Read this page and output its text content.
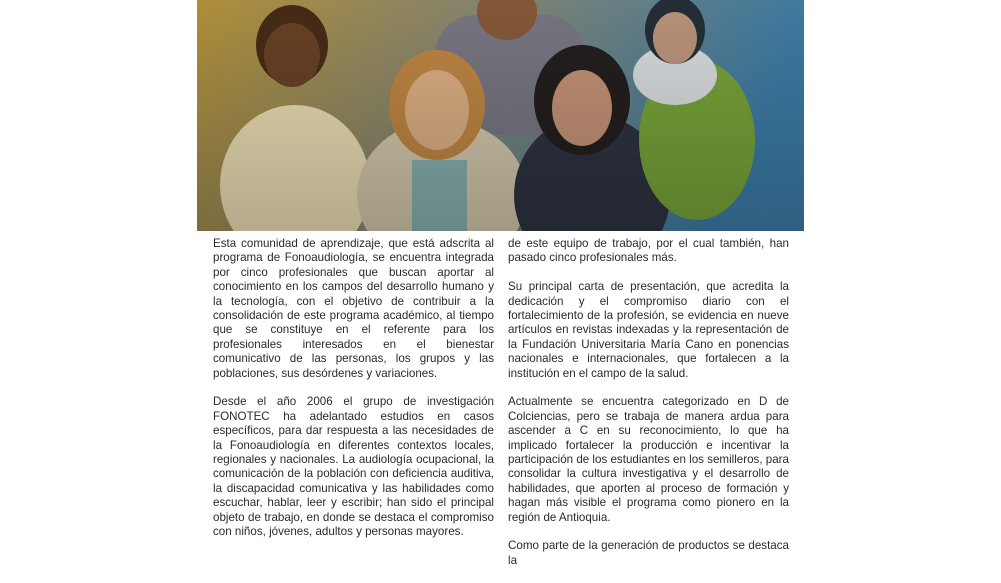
Esta comunidad de aprendizaje, que está adscrita al programa de Fonoaudiología, se encuentra integrada por cinco profesionales que buscan aportar al conocimiento en los campos del desarrollo humano y la tecnología, con el objetivo de contribuir a la consolidación de este programa académico, al tiempo que se constituye en el referente para los profesionales interesados en el bienestar comunicativo de las personas, los grupos y las poblaciones, sus desórdenes y variaciones.

Desde el año 2006 el grupo de investigación FONOTEC ha adelantado estudios en casos específicos, para dar respuesta a las necesidades de la Fonoaudiología en diferentes contextos locales, regionales y nacionales. La audiología ocupacional, la comunicación de la población con deficiencia auditiva, la discapacidad comunicativa y las habilidades como escuchar, hablar, leer y escribir; han sido el principal objeto de trabajo, en donde se destaca el compromiso con niños, jóvenes, adultos y personas mayores.

de este equipo de trabajo, por el cual también, han pasado cinco profesionales más.

Su principal carta de presentación, que acredita la dedicación y el compromiso diario con el fortalecimiento de la profesión, se evidencia en nueve artículos en revistas indexadas y la representación de la Fundación Universitaria María Cano en ponencias nacionales e internacionales, que fortalecen a la institución en el campo de la salud.

Actualmente se encuentra categorizado en D de Colciencias, pero se trabaja de manera ardua para ascender a C en su reconocimiento, lo que ha implicado fortalecer la producción e incentivar la participación de los estudiantes en los semilleros, para consolidar la cultura investigativa y el desarrollo de habilidades, que aporten al proceso de formación y hagan más visible el programa como pionero en la región de Antioquia.

Como parte de la generación de productos se destaca la
